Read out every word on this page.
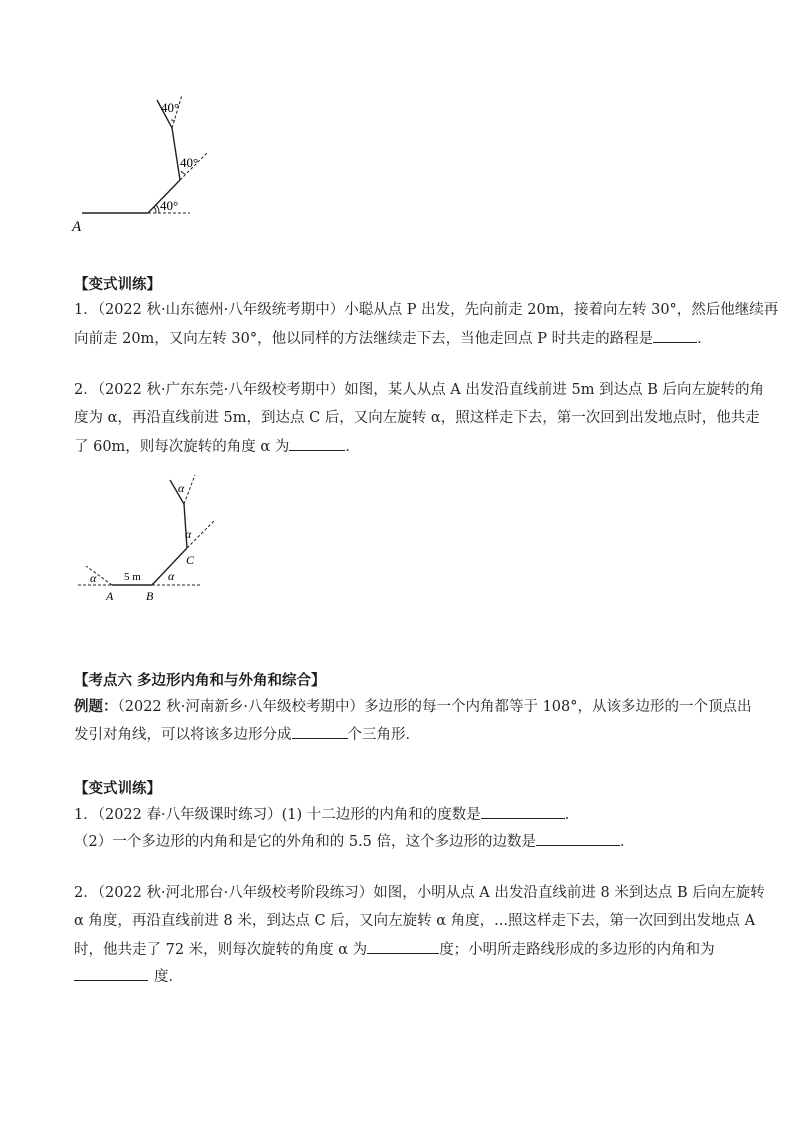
40°
40°
40°
A
【变式训练】
1．（2022 秋·山东德州·八年级统考期中）小聪从点 P 出发，先向前走 20m，接着向左转 30°，然后他继续再
向前走 20m，又向左转 30°，他以同样的方法继续走下去，当他走回点 P 时共走的路程是	．
2．（2022 秋·广东东莞·八年级校考期中）如图，某人从点 A 出发沿直线前进 5m 到达点 B 后向左旋转的角
度为 α，再沿直线前进 5m，到达点 C 后，又向左旋转 α，照这样走下去，第一次回到出发地点时，他共走
了 60m，则每次旋转的角度 α 为	．
α	α
α
α
A	B
C
5 m
【考点六 多边形内角和与外角和综合】
例题：（2022 秋·河南新乡·八年级校考期中）多边形的每一个内角都等于 108°，从该多边形的一个顶点出
发引对角线，可以将该多边形分成	个三角形．
【变式训练】
1．（2022 春·八年级课时练习）(1) 十二边形的内角和的度数是	．
（2）一个多边形的内角和是它的外角和的 5.5 倍，这个多边形的边数是	．
2．（2022 秋·河北邢台·八年级校考阶段练习）如图，小明从点 A 出发沿直线前进 8 米到达点 B 后向左旋转
α 角度，再沿直线前进 8 米，到达点 C 后，又向左旋转 α 角度，...照这样走下去，第一次回到出发地点 A
时，他共走了 72 米，则每次旋转的角度 α 为	度；小明所走路线形成的多边形的内角和为
度．
